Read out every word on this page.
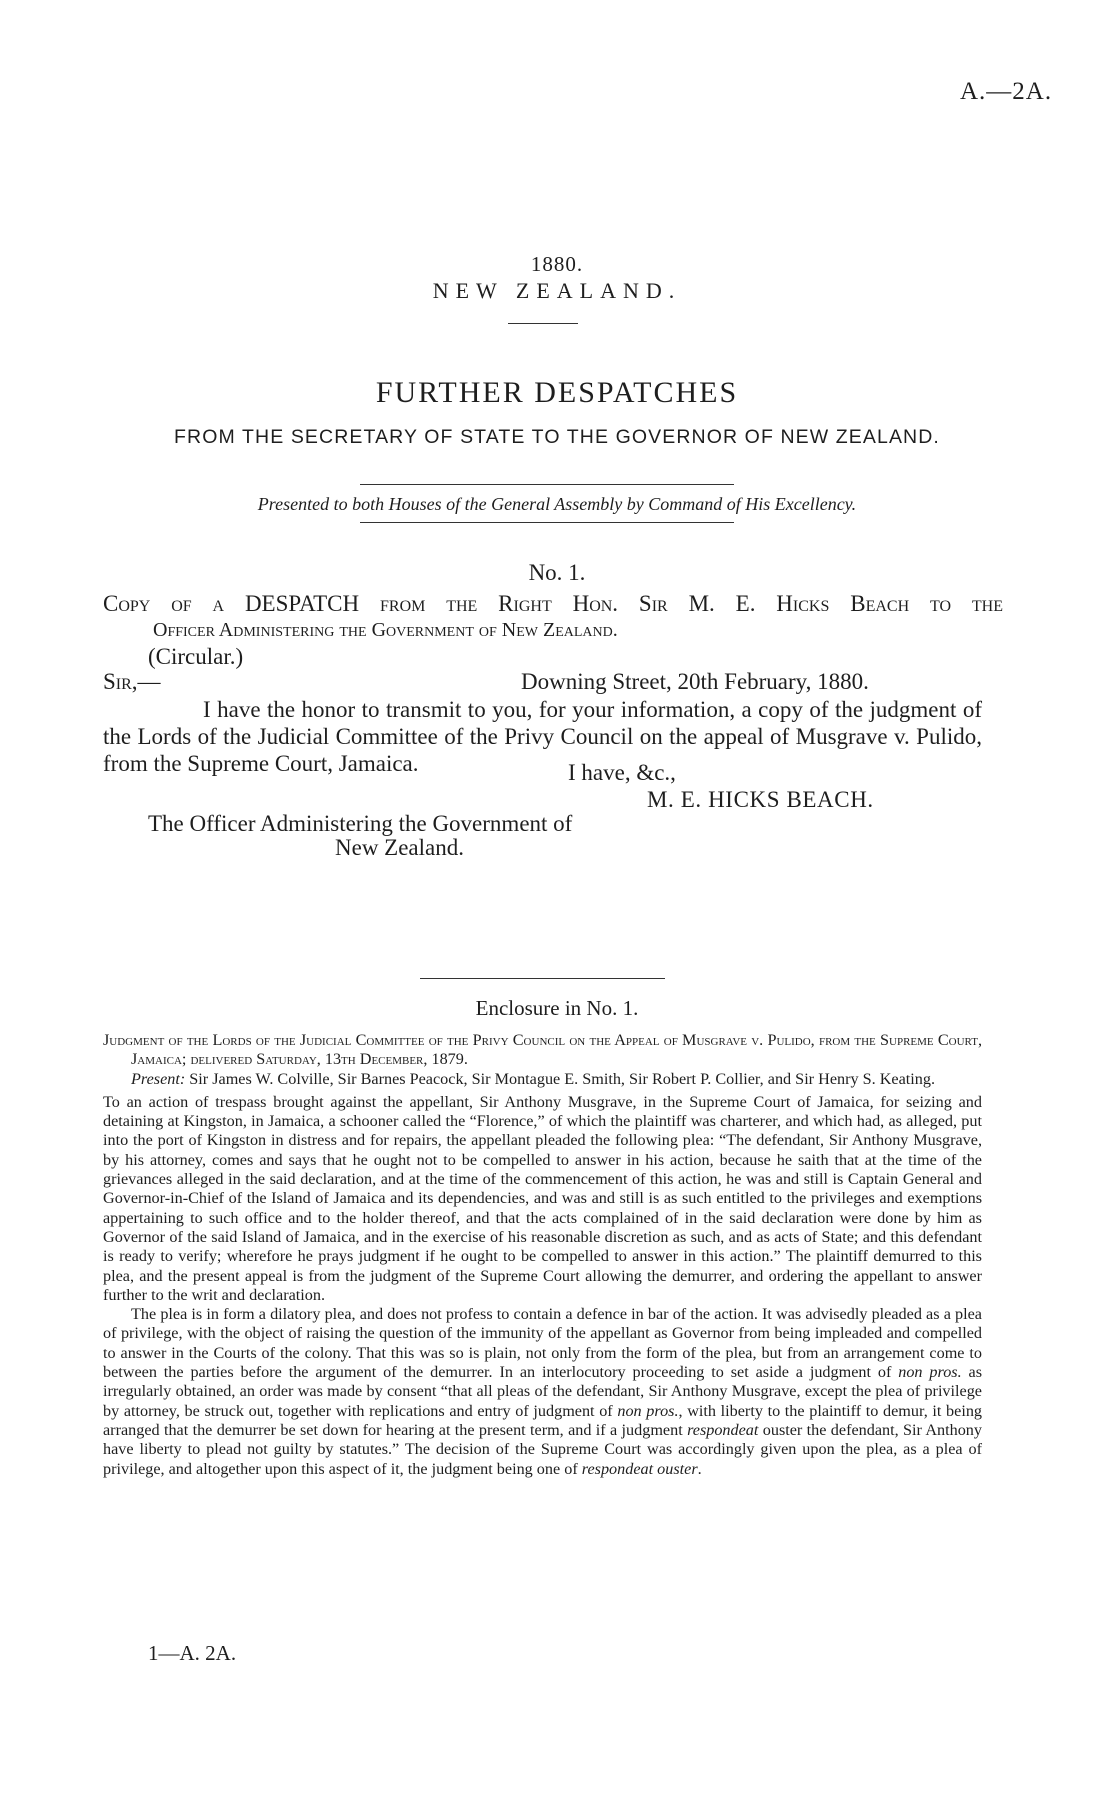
A.—2A.
1880.
NEW ZEALAND.
FURTHER DESPATCHES
FROM THE SECRETARY OF STATE TO THE GOVERNOR OF NEW ZEALAND.
Presented to both Houses of the General Assembly by Command of His Excellency.
No. 1.
Copy of a DESPATCH from the Right Hon. Sir M. E. Hicks Beach to the
Officer Administering the Government of New Zealand.
(Circular.)
Sir,—	Downing Street, 20th February, 1880.

I have the honor to transmit to you, for your information, a copy of the judgment of the Lords of the Judicial Committee of the Privy Council on the appeal of Musgrave v. Pulido, from the Supreme Court, Jamaica.	I have, &c.,
M. E. HICKS BEACH.
The Officer Administering the Government of
New Zealand.
Enclosure in No. 1.

Judgment of the Lords of the Judicial Committee of the Privy Council on the Appeal of Musgrave v. Pulido, from the Supreme Court, Jamaica; delivered Saturday, 13th December, 1879.

Present: Sir James W. Colville, Sir Barnes Peacock, Sir Montague E. Smith, Sir Robert P. Collier, and Sir Henry S. Keating.

To an action of trespass brought against the appellant, Sir Anthony Musgrave, in the Supreme Court of Jamaica, for seizing and detaining at Kingston, in Jamaica, a schooner called the “Florence,” of which the plaintiff was charterer, and which had, as alleged, put into the port of Kingston in distress and for repairs, the appellant pleaded the following plea: “The defendant, Sir Anthony Musgrave, by his attorney, comes and says that he ought not to be compelled to answer in his action, because he saith that at the time of the grievances alleged in the said declaration, and at the time of the commencement of this action, he was and still is Captain General and Governor-in-Chief of the Island of Jamaica and its dependencies, and was and still is as such entitled to the privileges and exemptions appertaining to such office and to the holder thereof, and that the acts complained of in the said declaration were done by him as Governor of the said Island of Jamaica, and in the exercise of his reasonable discretion as such, and as acts of State; and this defendant is ready to verify; wherefore he prays judgment if he ought to be compelled to answer in this action.” The plaintiff demurred to this plea, and the present appeal is from the judgment of the Supreme Court allowing the demurrer, and ordering the appellant to answer further to the writ and declaration.

The plea is in form a dilatory plea, and does not profess to contain a defence in bar of the action. It was advisedly pleaded as a plea of privilege, with the object of raising the question of the immunity of the appellant as Governor from being impleaded and compelled to answer in the Courts of the colony. That this was so is plain, not only from the form of the plea, but from an arrangement come to between the parties before the argument of the demurrer. In an interlocutory proceeding to set aside a judgment of non pros. as irregularly obtained, an order was made by consent “that all pleas of the defendant, Sir Anthony Musgrave, except the plea of privilege by attorney, be struck out, together with replications and entry of judgment of non pros., with liberty to the plaintiff to demur, it being arranged that the demurrer be set down for hearing at the present term, and if a judgment respondeat ouster the defendant, Sir Anthony have liberty to plead not guilty by statutes.” The decision of the Supreme Court was accordingly given upon the plea, as a plea of privilege, and altogether upon this aspect of it, the judgment being one of respondeat ouster.

1—A. 2A.
